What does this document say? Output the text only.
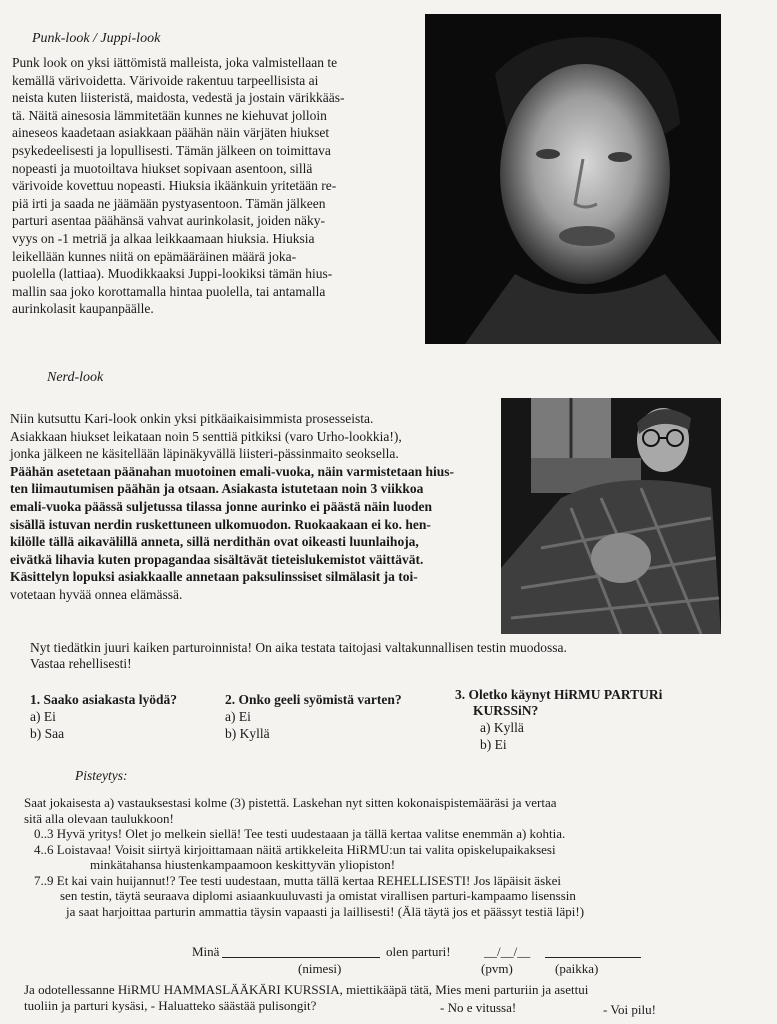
Punk-look / Juppi-look
Punk look on yksi iättömistä malleista, joka valmistellaan te
kemällä värivoidetta. Värivoide rakentuu tarpeellisista ai
neista kuten liisteristä, maidosta, vedestä ja jostain värikkääs-
tä. Näitä ainesosia lämmitetään kunnes ne kiehuvat jolloin
aineseos kaadetaan asiakkaan päähän näin värjäten hiukset
psykedeelisesti ja lopullisesti. Tämän jälkeen on toimittava
nopeasti ja muotoiltava hiukset sopivaan asentoon, sillä
värivoide kovettuu nopeasti. Hiuksia ikäänkuin yritetään re-
piä irti ja saada ne jäämään pystyasentoon. Tämän jälkeen
parturi asentaa päähänsä vahvat aurinkolasit, joiden näky-
vyys on -1 metriä ja alkaa leikkaamaan hiuksia. Hiuksia
leikellään kunnes niitä on epämääräinen määrä joka-
puolella (lattiaa). Muodikkaaksi Juppi-lookiksi tämän hius-
mallin saa joko korottamalla hintaa puolella, tai antamalla
aurinkolasit kaupanpäälle.
Nerd-look
Niin kutsuttu Kari-look onkin yksi pitkäaikaisimmista prosesseista.
Asiakkaan hiukset leikataan noin 5 senttiä pitkiksi (varo Urho-lookkia!),
jonka jälkeen ne käsitellään läpinäkyvällä liisteri-pässinmaito seoksella.
Päähän asetetaan päänahan muotoinen emali-vuoka, näin varmistetaan hius-
ten liimautumisen päähän ja otsaan. Asiakasta istutetaan noin 3 viikkoa
emali-vuoka päässä suljetussa tilassa jonne aurinko ei päästä näin luoden
sisällä istuvan nerdin ruskettuneen ulkomuodon. Ruokaakaan ei ko. hen-
kilölle tällä aikavälillä anneta, sillä nerdithän ovat oikeasti luunlaihoja,
eivätkä lihavia kuten propagandaa sisältävät tieteislukemistot väittävät.
Käsittelyn lopuksi asiakkaalle annetaan paksulinssiset silmälasit ja toi-
votetaan hyvää onnea elämässä.
Nyt tiedätkin juuri kaiken parturoinnista! On aika testata taitojasi valtakunnallisen testin muodossa.
Vastaa rehellisesti!
1. Saako asiakasta lyödä?
a) Ei
b) Saa
2. Onko geeli syömistä varten?
a) Ei
b) Kyllä
3. Oletko käynyt HiRMU PARTURi
KURSSiN?
a) Kyllä
b) Ei
Pisteytys:
Saat jokaisesta a) vastauksestasi kolme (3) pistettä. Laskehan nyt sitten kokonaispistemääräsi ja vertaa
sitä alla olevaan taulukkoon!
0..3 Hyvä yritys! Olet jo melkein siellä! Tee testi uudestaaan ja tällä kertaa valitse enemmän a) kohtia.
4..6 Loistavaa! Voisit siirtyä kirjoittamaan näitä artikkeleita HiRMU:un tai valita opiskelupaikaksesi
minkätahansa hiustenkampaamoon keskittyvän yliopiston!
7..9 Et kai vain huijannut!? Tee testi uudestaan, mutta tällä kertaa REHELLISESTI! Jos läpäisit äskei
sen testin, täytä seuraava diplomi asiaankuuluvasti ja omistat virallisen parturi-kampaamo lisenssin
ja saat harjoittaa parturin ammattia täysin vapaasti ja laillisesti! (Älä täytä jos et päässyt testiä läpi!)
Minä	olen parturi!	__/__/__
(nimesi)	(pvm)	(paikka)
Ja odotellessanne HiRMU HAMMASLÄÄKÄRI KURSSIA, miettikääpä tätä, Mies meni parturiin ja asettui
tuoliin ja parturi kysäsi, - Haluatteko säästää pulisongit?	- No e vitussa!	- Voi pilu!
